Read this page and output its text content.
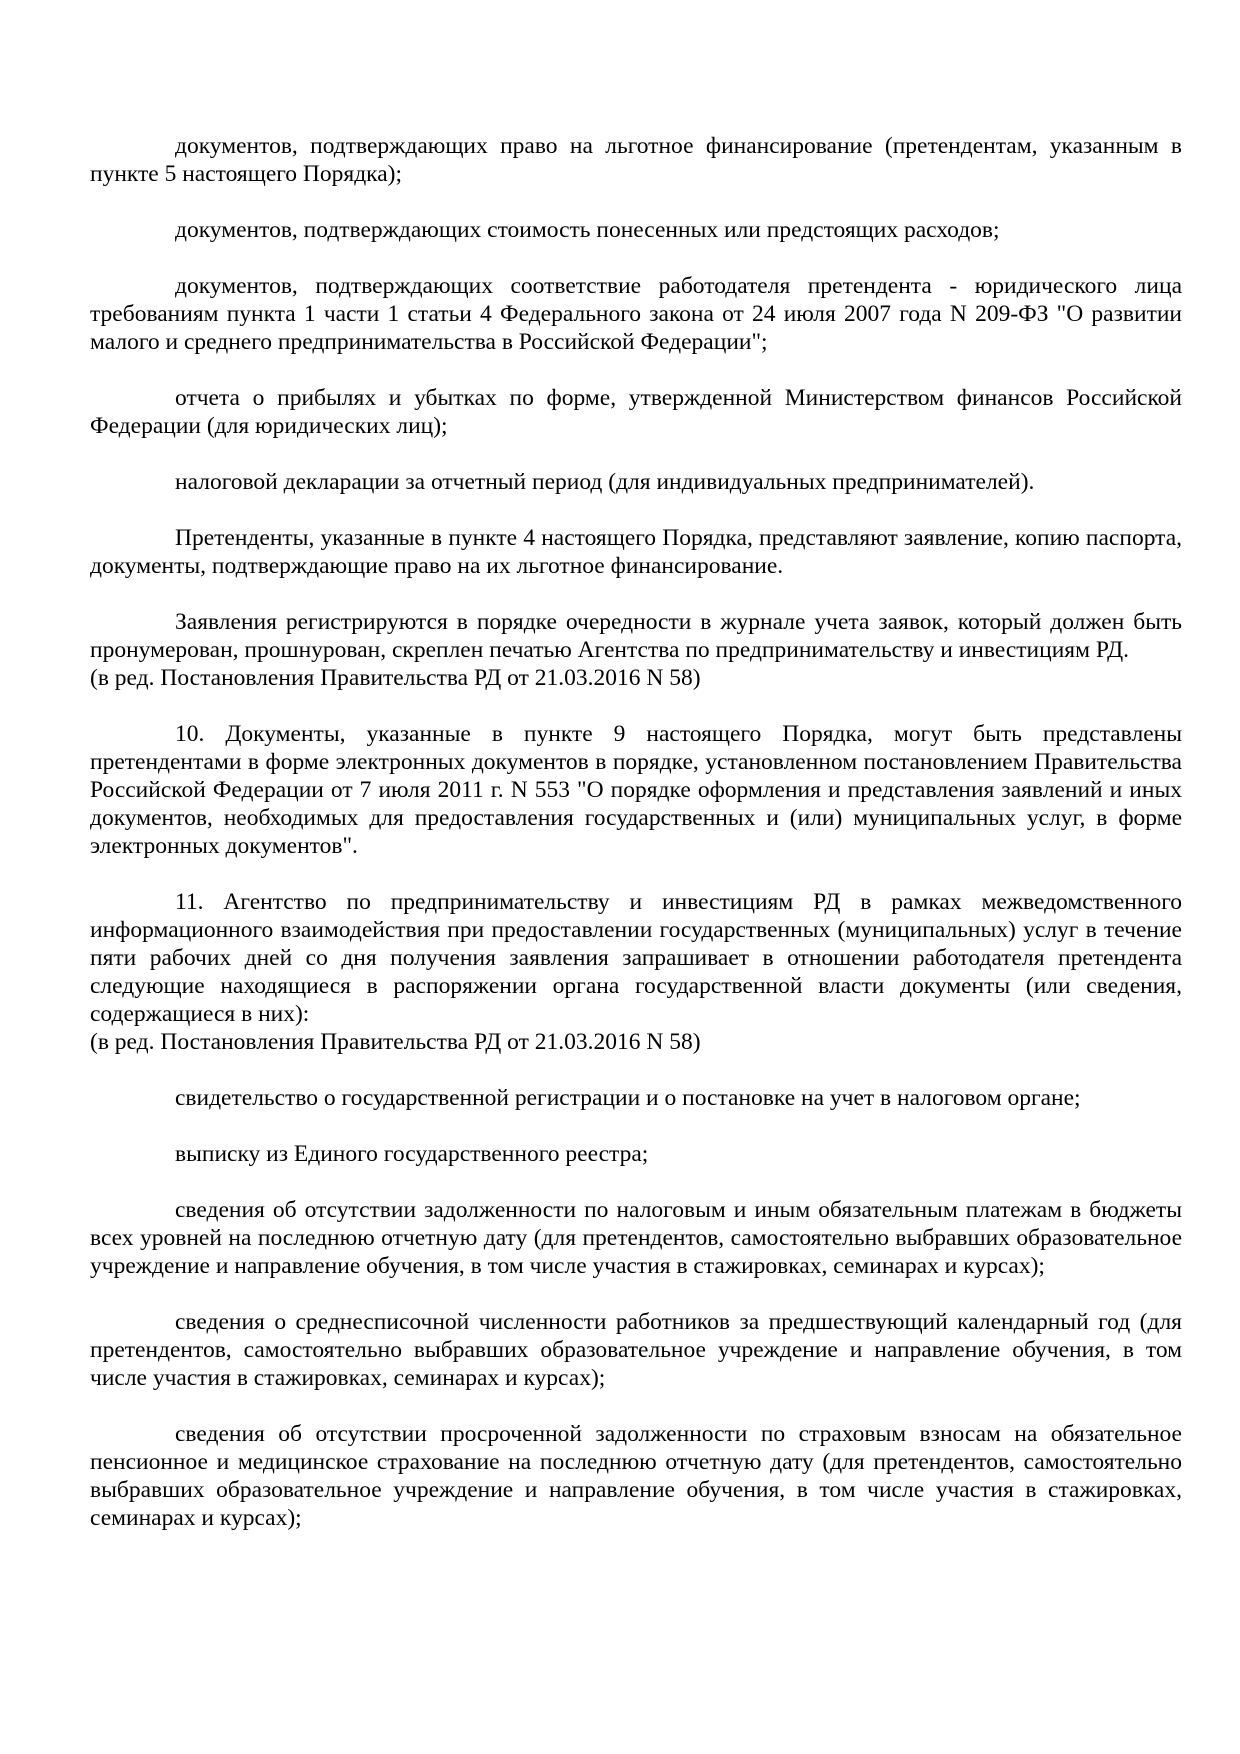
документов, подтверждающих право на льготное финансирование (претендентам, указанным в пункте 5 настоящего Порядка);

документов, подтверждающих стоимость понесенных или предстоящих расходов;

документов, подтверждающих соответствие работодателя претендента - юридического лица требованиям пункта 1 части 1 статьи 4 Федерального закона от 24 июля 2007 года N 209-ФЗ "О развитии малого и среднего предпринимательства в Российской Федерации";

отчета о прибылях и убытках по форме, утвержденной Министерством финансов Российской Федерации (для юридических лиц);

налоговой декларации за отчетный период (для индивидуальных предпринимателей).

Претенденты, указанные в пункте 4 настоящего Порядка, представляют заявление, копию паспорта, документы, подтверждающие право на их льготное финансирование.

Заявления регистрируются в порядке очередности в журнале учета заявок, который должен быть пронумерован, прошнурован, скреплен печатью Агентства по предпринимательству и инвестициям РД.

(в ред. Постановления Правительства РД от 21.03.2016 N 58)

10. Документы, указанные в пункте 9 настоящего Порядка, могут быть представлены претендентами в форме электронных документов в порядке, установленном постановлением Правительства Российской Федерации от 7 июля 2011 г. N 553 "О порядке оформления и представления заявлений и иных документов, необходимых для предоставления государственных и (или) муниципальных услуг, в форме электронных документов".

11. Агентство по предпринимательству и инвестициям РД в рамках межведомственного информационного взаимодействия при предоставлении государственных (муниципальных) услуг в течение пяти рабочих дней со дня получения заявления запрашивает в отношении работодателя претендента следующие находящиеся в распоряжении органа государственной власти документы (или сведения, содержащиеся в них):

(в ред. Постановления Правительства РД от 21.03.2016 N 58)

свидетельство о государственной регистрации и о постановке на учет в налоговом органе;

выписку из Единого государственного реестра;

сведения об отсутствии задолженности по налоговым и иным обязательным платежам в бюджеты всех уровней на последнюю отчетную дату (для претендентов, самостоятельно выбравших образовательное учреждение и направление обучения, в том числе участия в стажировках, семинарах и курсах);

сведения о среднесписочной численности работников за предшествующий календарный год (для претендентов, самостоятельно выбравших образовательное учреждение и направление обучения, в том числе участия в стажировках, семинарах и курсах);

сведения об отсутствии просроченной задолженности по страховым взносам на обязательное пенсионное и медицинское страхование на последнюю отчетную дату (для претендентов, самостоятельно выбравших образовательное учреждение и направление обучения, в том числе участия в стажировках, семинарах и курсах);
